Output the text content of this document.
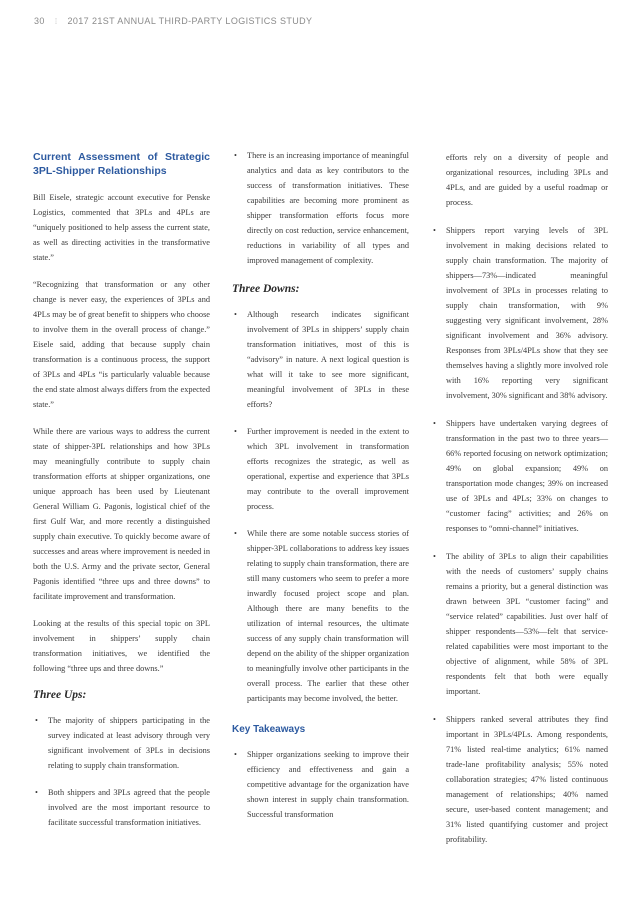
30 ⁞ 2017 21ST ANNUAL THIRD-PARTY LOGISTICS STUDY
Current Assessment of Strategic 3PL-Shipper Relationships

Bill Eisele, strategic account executive for Penske Logistics, commented that 3PLs and 4PLs are “uniquely positioned to help assess the current state, as well as directing activities in the transformative state.”

“Recognizing that transformation or any other change is never easy, the experiences of 3PLs and 4PLs may be of great benefit to shippers who choose to involve them in the overall process of change.” Eisele said, adding that because supply chain transformation is a continuous process, the support of 3PLs and 4PLs “is particularly valuable because the end state almost always differs from the expected state.”

While there are various ways to address the current state of shipper-3PL relationships and how 3PLs may meaningfully contribute to supply chain transformation efforts at shipper organizations, one unique approach has been used by Lieutenant General William G. Pagonis, logistical chief of the first Gulf War, and more recently a distinguished supply chain executive. To quickly become aware of successes and areas where improvement is needed in both the U.S. Army and the private sector, General Pagonis identified “three ups and three downs” to facilitate improvement and transformation.

Looking at the results of this special topic on 3PL involvement in shippers’ supply chain transformation initiatives, we identified the following “three ups and three downs.”

Three Ups:
• The majority of shippers participating in the survey indicated at least advisory through very significant involvement of 3PLs in decisions relating to supply chain transformation.
• Both shippers and 3PLs agreed that the people involved are the most important resource to facilitate successful transformation initiatives.
• There is an increasing importance of meaningful analytics and data as key contributors to the success of transformation initiatives. These capabilities are becoming more prominent as shipper transformation efforts focus more directly on cost reduction, service enhancement, reductions in variability of all types and improved management of complexity.
Three Downs:
• Although research indicates significant involvement of 3PLs in shippers’ supply chain transformation initiatives, most of this is “advisory” in nature. A next logical question is what will it take to see more significant, meaningful involvement of 3PLs in these efforts?
• Further improvement is needed in the extent to which 3PL involvement in transformation efforts recognizes the strategic, as well as operational, expertise and experience that 3PLs may contribute to the overall improvement process.
• While there are some notable success stories of shipper-3PL collaborations to address key issues relating to supply chain transformation, there are still many customers who seem to prefer a more inwardly focused project scope and plan. Although there are many benefits to the utilization of internal resources, the ultimate success of any supply chain transformation will depend on the ability of the shipper organization to meaningfully involve other participants in the overall process. The earlier that these other participants may become involved, the better.
Key Takeaways
• Shipper organizations seeking to improve their efficiency and effectiveness and gain a competitive advantage for the organization have shown interest in supply chain transformation. Successful transformation
efforts rely on a diversity of people and organizational resources, including 3PLs and 4PLs, and are guided by a useful roadmap or process.
• Shippers report varying levels of 3PL involvement in making decisions related to supply chain transformation. The majority of shippers—73%—indicated meaningful involvement of 3PLs in processes relating to supply chain transformation, with 9% suggesting very significant involvement, 28% significant involvement and 36% advisory. Responses from 3PLs/4PLs show that they see themselves having a slightly more involved role with 16% reporting very significant involvement, 30% significant and 38% advisory.
• Shippers have undertaken varying degrees of transformation in the past two to three years—66% reported focusing on network optimization; 49% on global expansion; 49% on transportation mode changes; 39% on increased use of 3PLs and 4PLs; 33% on changes to “customer facing” activities; and 26% on responses to “omni-channel” initiatives.
• The ability of 3PLs to align their capabilities with the needs of customers’ supply chains remains a priority, but a general distinction was drawn between 3PL “customer facing” and “service related” capabilities. Just over half of shipper respondents—53%—felt that service-related capabilities were most important to the objective of alignment, while 58% of 3PL respondents felt that both were equally important.
• Shippers ranked several attributes they find important in 3PLs/4PLs. Among respondents, 71% listed real-time analytics; 61% named trade-lane profitability analysis; 55% noted collaboration strategies; 47% listed continuous management of relationships; 40% named secure, user-based content management; and 31% listed quantifying customer and project profitability.
